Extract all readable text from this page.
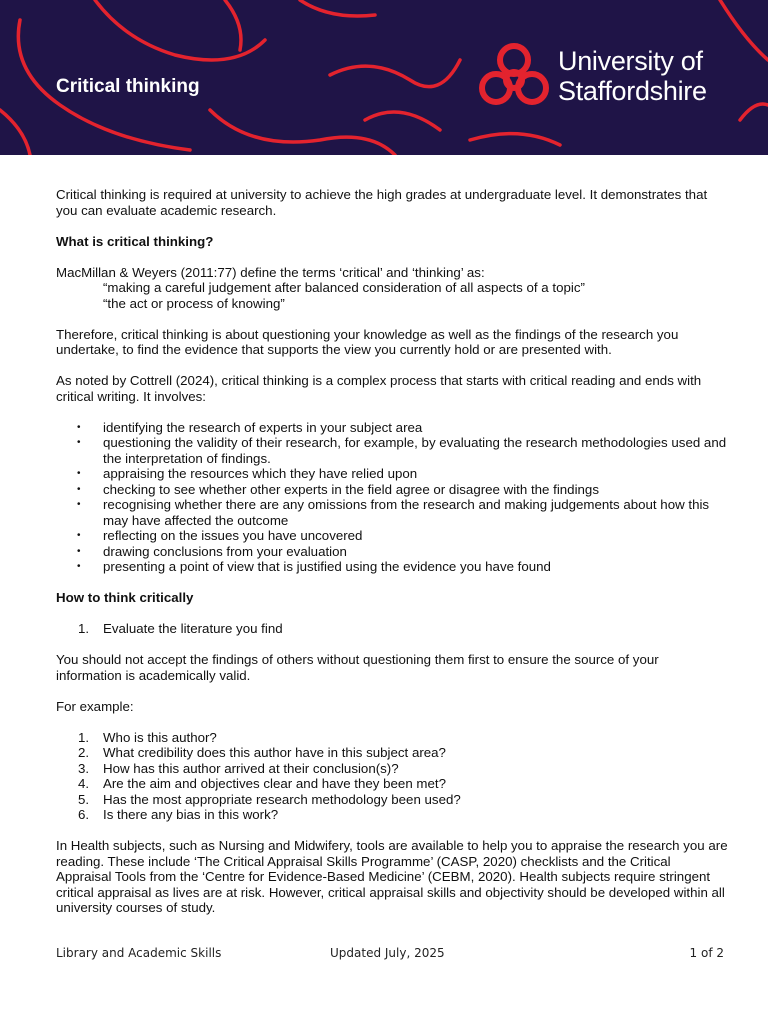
Critical thinking
University of
Staffordshire

Critical thinking is required at university to achieve the high grades at undergraduate level. It demonstrates that you can evaluate academic research.

What is critical thinking?
MacMillan & Weyers (2011:77) define the terms ‘critical’ and ‘thinking’ as:
“making a careful judgement after balanced consideration of all aspects of a topic”
“the act or process of knowing”

Therefore, critical thinking is about questioning your knowledge as well as the findings of the research you undertake, to find the evidence that supports the view you currently hold or are presented with.

As noted by Cottrell (2024), critical thinking is a complex process that starts with critical reading and ends with critical writing. It involves:

• identifying the research of experts in your subject area
• questioning the validity of their research, for example, by evaluating the research methodologies used and the interpretation of findings.
• appraising the resources which they have relied upon
• checking to see whether other experts in the field agree or disagree with the findings
• recognising whether there are any omissions from the research and making judgements about how this may have affected the outcome
• reflecting on the issues you have uncovered
• drawing conclusions from your evaluation
• presenting a point of view that is justified using the evidence you have found
How to think critically
1. Evaluate the literature you find

You should not accept the findings of others without questioning them first to ensure the source of your information is academically valid.

For example:

1. Who is this author?
2. What credibility does this author have in this subject area?
3. How has this author arrived at their conclusion(s)?
4. Are the aim and objectives clear and have they been met?
5. Has the most appropriate research methodology been used?
6. Is there any bias in this work?

In Health subjects, such as Nursing and Midwifery, tools are available to help you to appraise the research you are reading. These include ‘The Critical Appraisal Skills Programme’ (CASP, 2020) checklists and the Critical Appraisal Tools from the ‘Centre for Evidence-Based Medicine’ (CEBM, 2020). Health subjects require stringent critical appraisal as lives are at risk. However, critical appraisal skills and objectivity should be developed within all university courses of study.

Library and Academic Skills	Updated July, 2025	1 of 2
